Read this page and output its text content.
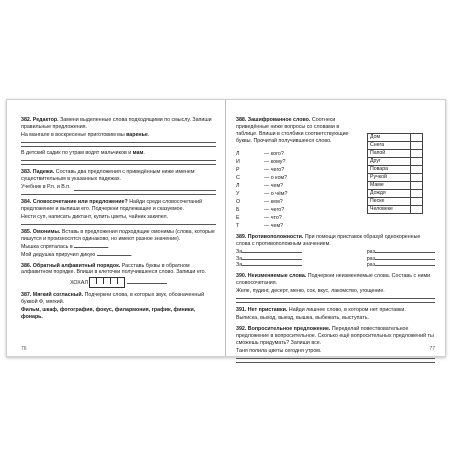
382. Редактор. Замени выделенные слова подходящими по смыслу. Запиши правильные предложения.
На мангале в воскресенье приготовим мы варенье.
В детский садик по утрам водят мальчиков и мам.
383. Падежи. Составь два предложения с приведённым ниже именем существительным в указанных падежах.
Учебник в Р.п. и В.п.
384. Словосочетание или предложение? Найди среди словосочетаний предложение и выпиши его. Подчеркни подлежащее и сказуемое.
Нести суп, написать диктант, купить цветы, чайник закипел.
385. Омонимы. Вставь в предложения подходящие омонимы (слова, которые пишутся и произносятся одинаково, но имеют разное значение).
Мышка спряталась в	.
Мой дедушка приручил дикую	.
386. Обратный алфавитный порядок. Расставь буквы в обратном алфавитном порядке. Впиши в клеточки получившееся слово. Запиши его.
ХОХАЛ
387. Мягкий согласный. Подчеркни слова, в которых звук, обозначенный буквой Ф, мягкий.
Фильм, шкаф, фотография, фокус, филармония, график, финики, фонарь.
76
388. Зашифрованное слово. Соотнеси приведённые ниже вопросы со словами в таблице. Впиши в столбики соответствующие буквы. Прочитай получившееся слово.
Л	— кого?
И	— кому?
Р	— чего?
С	— о ком?
Л	— чем?
У	— о чём?
О	— кем?
Б	— чего?
Е	— что?
Т	— чем?
Дом	
Снега	
Папой	
Друг	
Повара	
Ручкой	
Маме	
Дождя	
Песке	
Человеке	
389. Противоположности. При помощи приставок образуй однокоренные слова с противоположным значением.
За	раз
За	раз
За	раз
390. Неизменяемые слова. Подчеркни неизменяемые слова. Составь с ними словосочетания.
Желе, пудинг, десерт, меню, сок, вкус, лакомство, угощение.
391. Нет приставки. Найди лишнее слово, в котором нет приставки.
Выписка, выход, выезд, вышка, выбежать, выступать.
392. Вопросительное предложение. Переделай повествовательное предложение в вопросительное. Сколько ещё вопросительных предложений ты сможешь придумать? Запиши все.
Таня полила цветы сегодня утром.	77
